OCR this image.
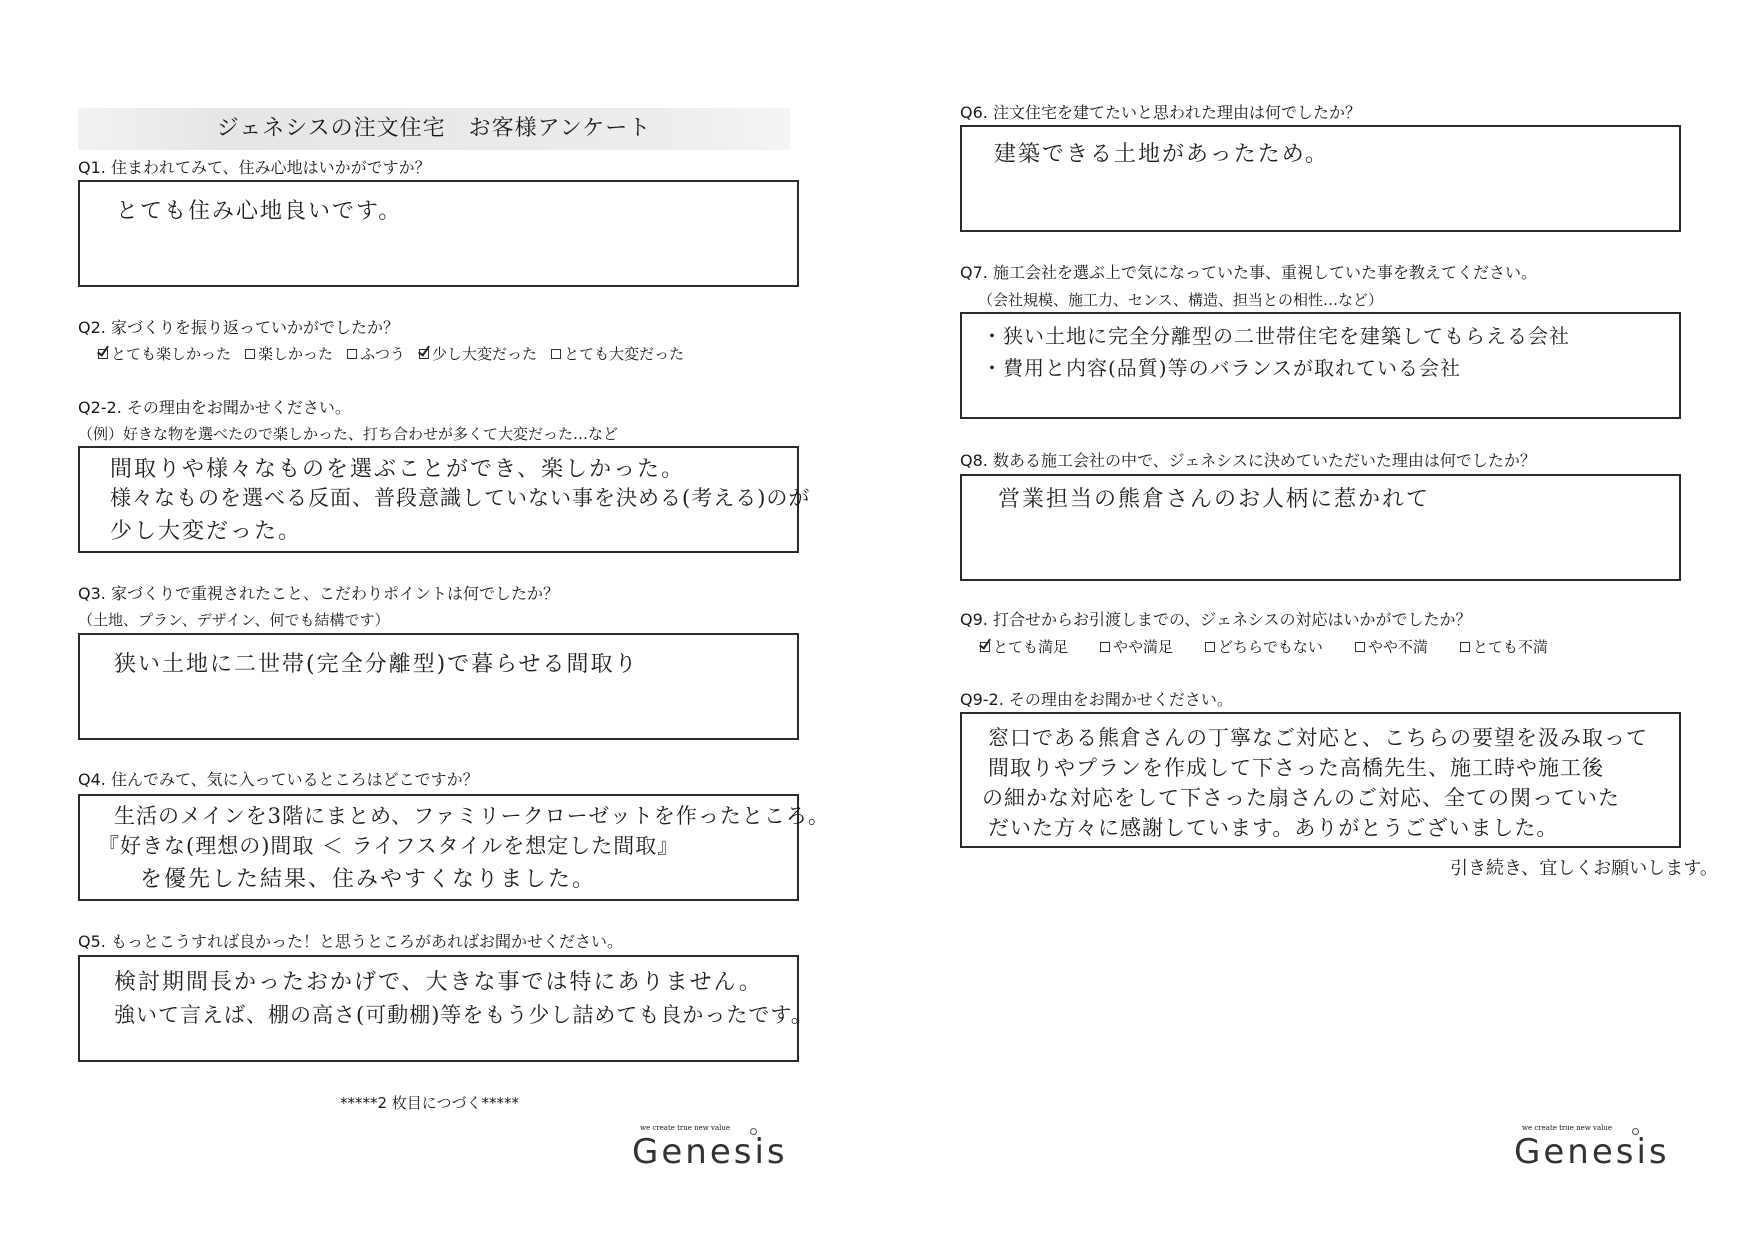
ジェネシスの注文住宅　お客様アンケート
Q1. 住まわれてみて、住み心地はいかがですか？
とても住み心地良いです。
Q2. 家づくりを振り返っていかがでしたか？
とても楽しかった 楽しかった ふつう 少し大変だった とても大変だった
Q2-2. その理由をお聞かせください。
（例）好きな物を選べたので楽しかった、打ち合わせが多くて大変だった…など
間取りや様々なものを選ぶことができ、楽しかった。
様々なものを選べる反面、普段意識していない事を決める(考える)のが
少し大変だった。
Q3. 家づくりで重視されたこと、こだわりポイントは何でしたか？
（土地、プラン、デザイン、何でも結構です）
狭い土地に二世帯(完全分離型)で暮らせる間取り
Q4. 住んでみて、気に入っているところはどこですか？
生活のメインを3階にまとめ、ファミリークローゼットを作ったところ。
『好きな(理想の)間取 ＜ ライフスタイルを想定した間取』
を優先した結果、住みやすくなりました。
Q5. もっとこうすれば良かった！と思うところがあればお聞かせください。
検討期間長かったおかげで、大きな事では特にありません。
強いて言えば、棚の高さ(可動棚)等をもう少し詰めても良かったです。
*****2 枚目につづく*****
we create true new value
Genesis
Q6. 注文住宅を建てたいと思われた理由は何でしたか？
建築できる土地があったため。
Q7. 施工会社を選ぶ上で気になっていた事、重視していた事を教えてください。
（会社規模、施工力、センス、構造、担当との相性…など）
・狭い土地に完全分離型の二世帯住宅を建築してもらえる会社
・費用と内容(品質)等のバランスが取れている会社
Q8. 数ある施工会社の中で、ジェネシスに決めていただいた理由は何でしたか？
営業担当の熊倉さんのお人柄に惹かれて
Q9. 打合せからお引渡しまでの、ジェネシスの対応はいかがでしたか？
とても満足	やや満足	どちらでもない	やや不満	とても不満
Q9-2. その理由をお聞かせください。
窓口である熊倉さんの丁寧なご対応と、こちらの要望を汲み取って
間取りやプランを作成して下さった高橋先生、施工時や施工後
の細かな対応をして下さった扇さんのご対応、全ての関っていた
だいた方々に感謝しています。ありがとうございました。
引き続き、宜しくお願いします。
we create true new value
Genesis
